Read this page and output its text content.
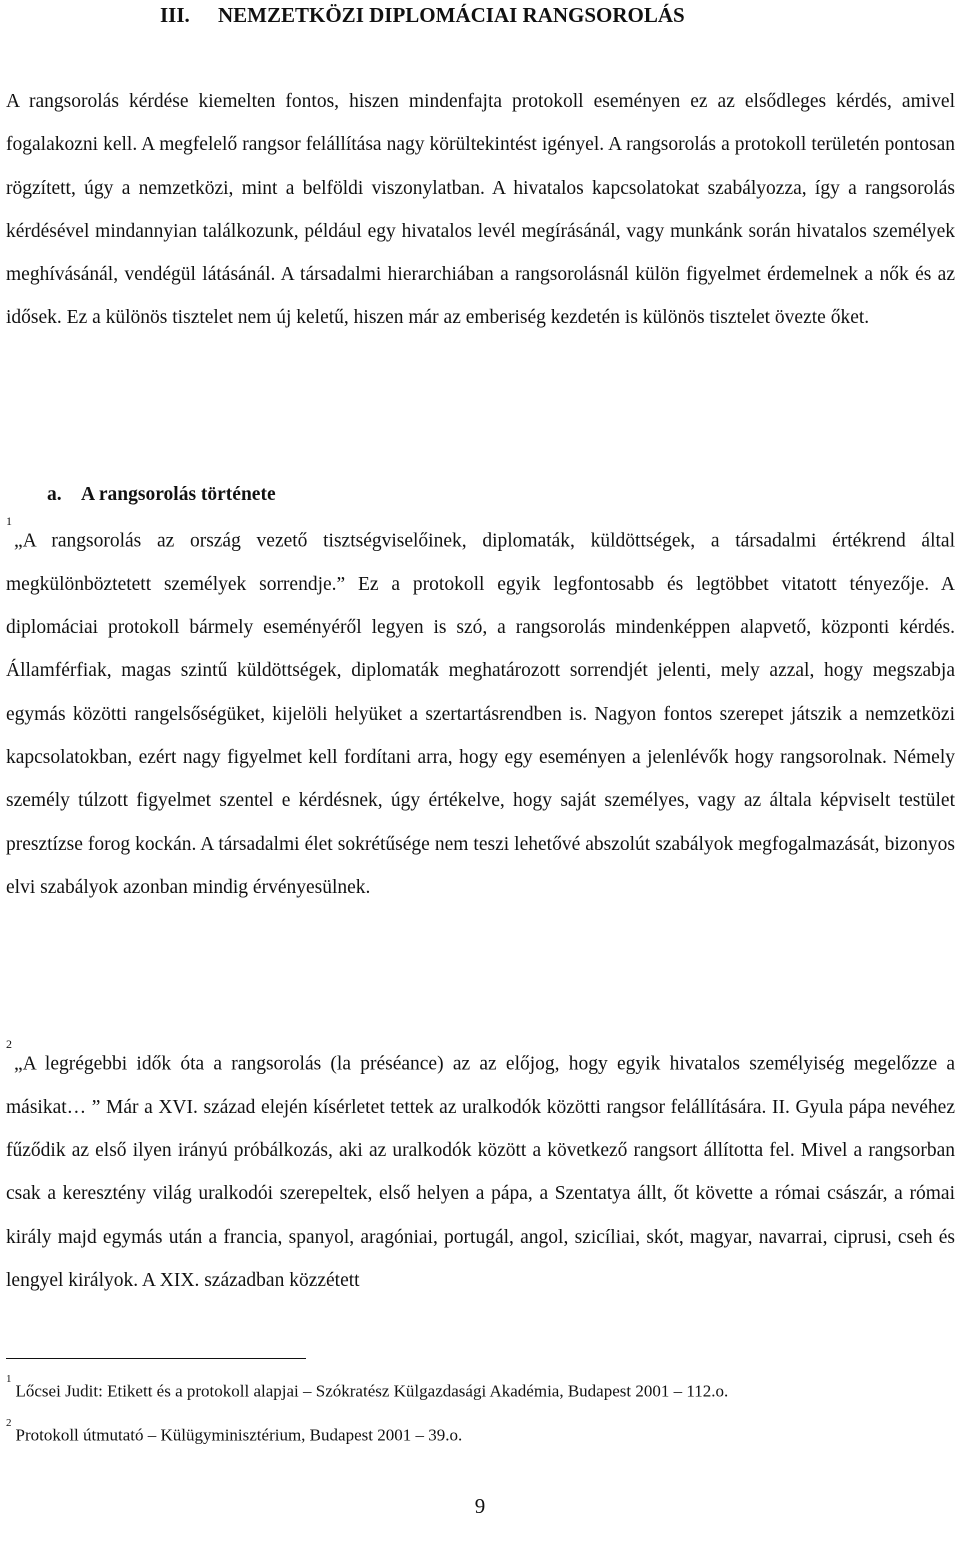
III. NEMZETKÖZI DIPLOMÁCIAI RANGSOROLÁS

A rangsorolás kérdése kiemelten fontos, hiszen mindenfajta protokoll eseményen ez az elsődleges kérdés, amivel fogalakozni kell. A megfelelő rangsor felállítása nagy körültekintést igényel. A rangsorolás a protokoll területén pontosan rögzített, úgy a nemzetközi, mint a belföldi viszonylatban. A hivatalos kapcsolatokat szabályozza, így a rangsorolás kérdésével mindannyian találkozunk, például egy hivatalos levél megírásánál, vagy munkánk során hivatalos személyek meghívásánál, vendégül látásánál. A társadalmi hierarchiában a rangsorolásnál külön figyelmet érdemelnek a nők és az idősek. Ez a különös tisztelet nem új keletű, hiszen már az emberiség kezdetén is különös tisztelet övezte őket.

a. A rangsorolás története

$^1$„A rangsorolás az ország vezető tisztségviselőinek, diplomaták, küldöttségek, a társadalmi értékrend által megkülönböztetett személyek sorrendje.” Ez a protokoll egyik legfontosabb és legtöbbet vitatott tényezője. A diplomáciai protokoll bármely eseményéről legyen is szó, a rangsorolás mindenképpen alapvető, központi kérdés. Államférfiak, magas szintű küldöttségek, diplomaták meghatározott sorrendjét jelenti, mely azzal, hogy megszabja egymás közötti rangelsőségüket, kijelöli helyüket a szertartásrendben is. Nagyon fontos szerepet játszik a nemzetközi kapcsolatokban, ezért nagy figyelmet kell fordítani arra, hogy egy eseményen a jelenlévők hogy rangsorolnak. Némely személy túlzott figyelmet szentel e kérdésnek, úgy értékelve, hogy saját személyes, vagy az általa képviselt testület presztízse forog kockán. A társadalmi élet sokrétűsége nem teszi lehetővé abszolút szabályok megfogalmazását, bizonyos elvi szabályok azonban mindig érvényesülnek.

$^2$„A legrégebbi idők óta a rangsorolás (la préséance) az az előjog, hogy egyik hivatalos személyiség megelőzze a másikat… ” Már a XVI. század elején kísérletet tettek az uralkodók közötti rangsor felállítására. II. Gyula pápa nevéhez fűződik az első ilyen irányú próbálkozás, aki az uralkodók között a következő rangsort állította fel. Mivel a rangsorban csak a keresztény világ uralkodói szerepeltek, első helyen a pápa, a Szentatya állt, őt követte a római császár, a római király majd egymás után a francia, spanyol, aragóniai, portugál, angol, szicíliai, skót, magyar, navarrai, ciprusi, cseh és lengyel királyok. A XIX. században közzétett

$^1$Lőcsei Judit: Etikett és a protokoll alapjai – Szókratész Külgazdasági Akadémia, Budapest 2001 – 112.o.

$^2$Protokoll útmutató – Külügyminisztérium, Budapest 2001 – 39.o.

9
